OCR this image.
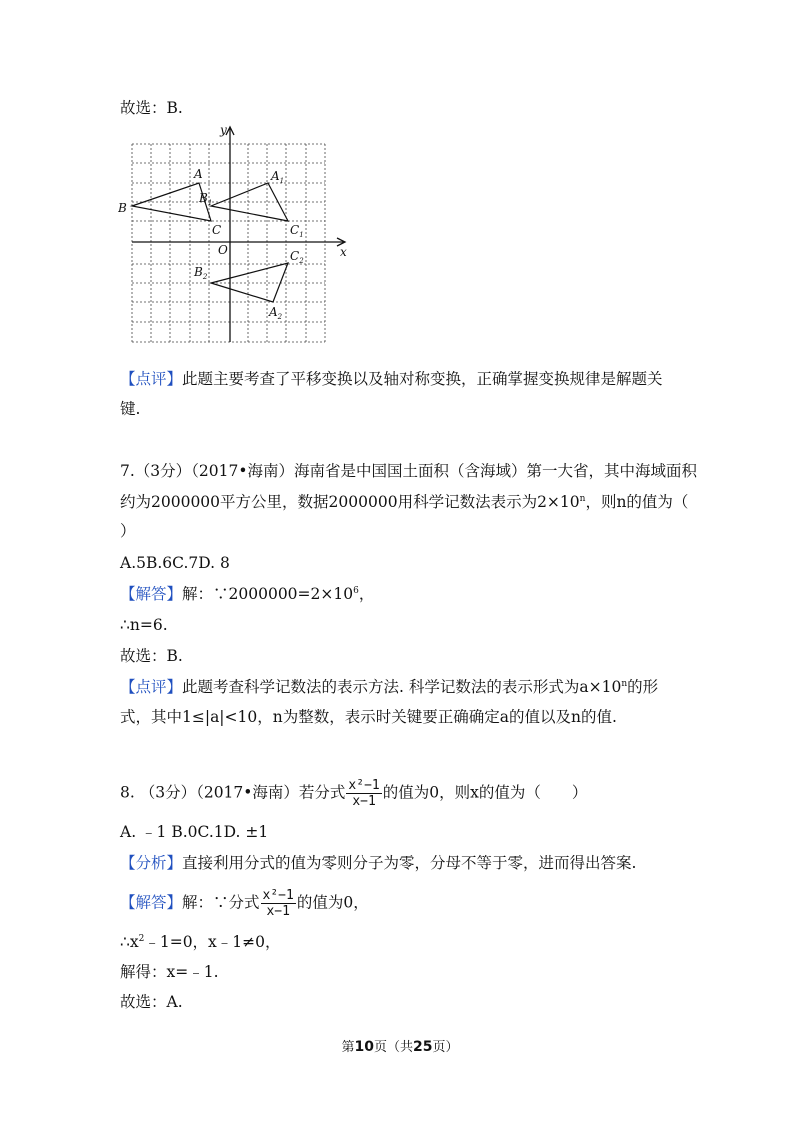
故选：B.
y
x
O
A
B
C
$A_1$
$B_1$
$C_1$
$A_2$
$B_2$
$C_2$
【点评】此题主要考查了平移变换以及轴对称变换，正确掌握变换规律是解题关
键.
7.（3分）（2017•海南）海南省是中国国土面积（含海域）第一大省，其中海域面积
约为2000000平方公里，数据2000000用科学记数法表示为$2\times 10^n$，则n的值为（
）
A.5B.6C.7D. 8
【解答】解：$\because 2000000=2\times 10^6$，
∴n=6.
故选：B.
【点评】此题考查科学记数法的表示方法. 科学记数法的表示形式为$a\times 10^n$的形
式，其中1≤|a|<10，n为整数，表示时关键要正确确定a的值以及n的值.
8. （3分）（2017•海南）若分式 $\frac{\text{x²−1}}{x-1}$ 的值为0，则x的值为（　　）
A. ﹣1 B.0C.1D. ±1
【分析】直接利用分式的值为零则分子为零，分母不等于零，进而得出答案.
【解答】解：∵分式 $\frac{\text{x²−1}}{x-1}$ 的值为0，
$\therefore x^2﹣1=0$，x﹣1≠0，
解得：x=﹣1.
故选：A.
第10页（共25页）
